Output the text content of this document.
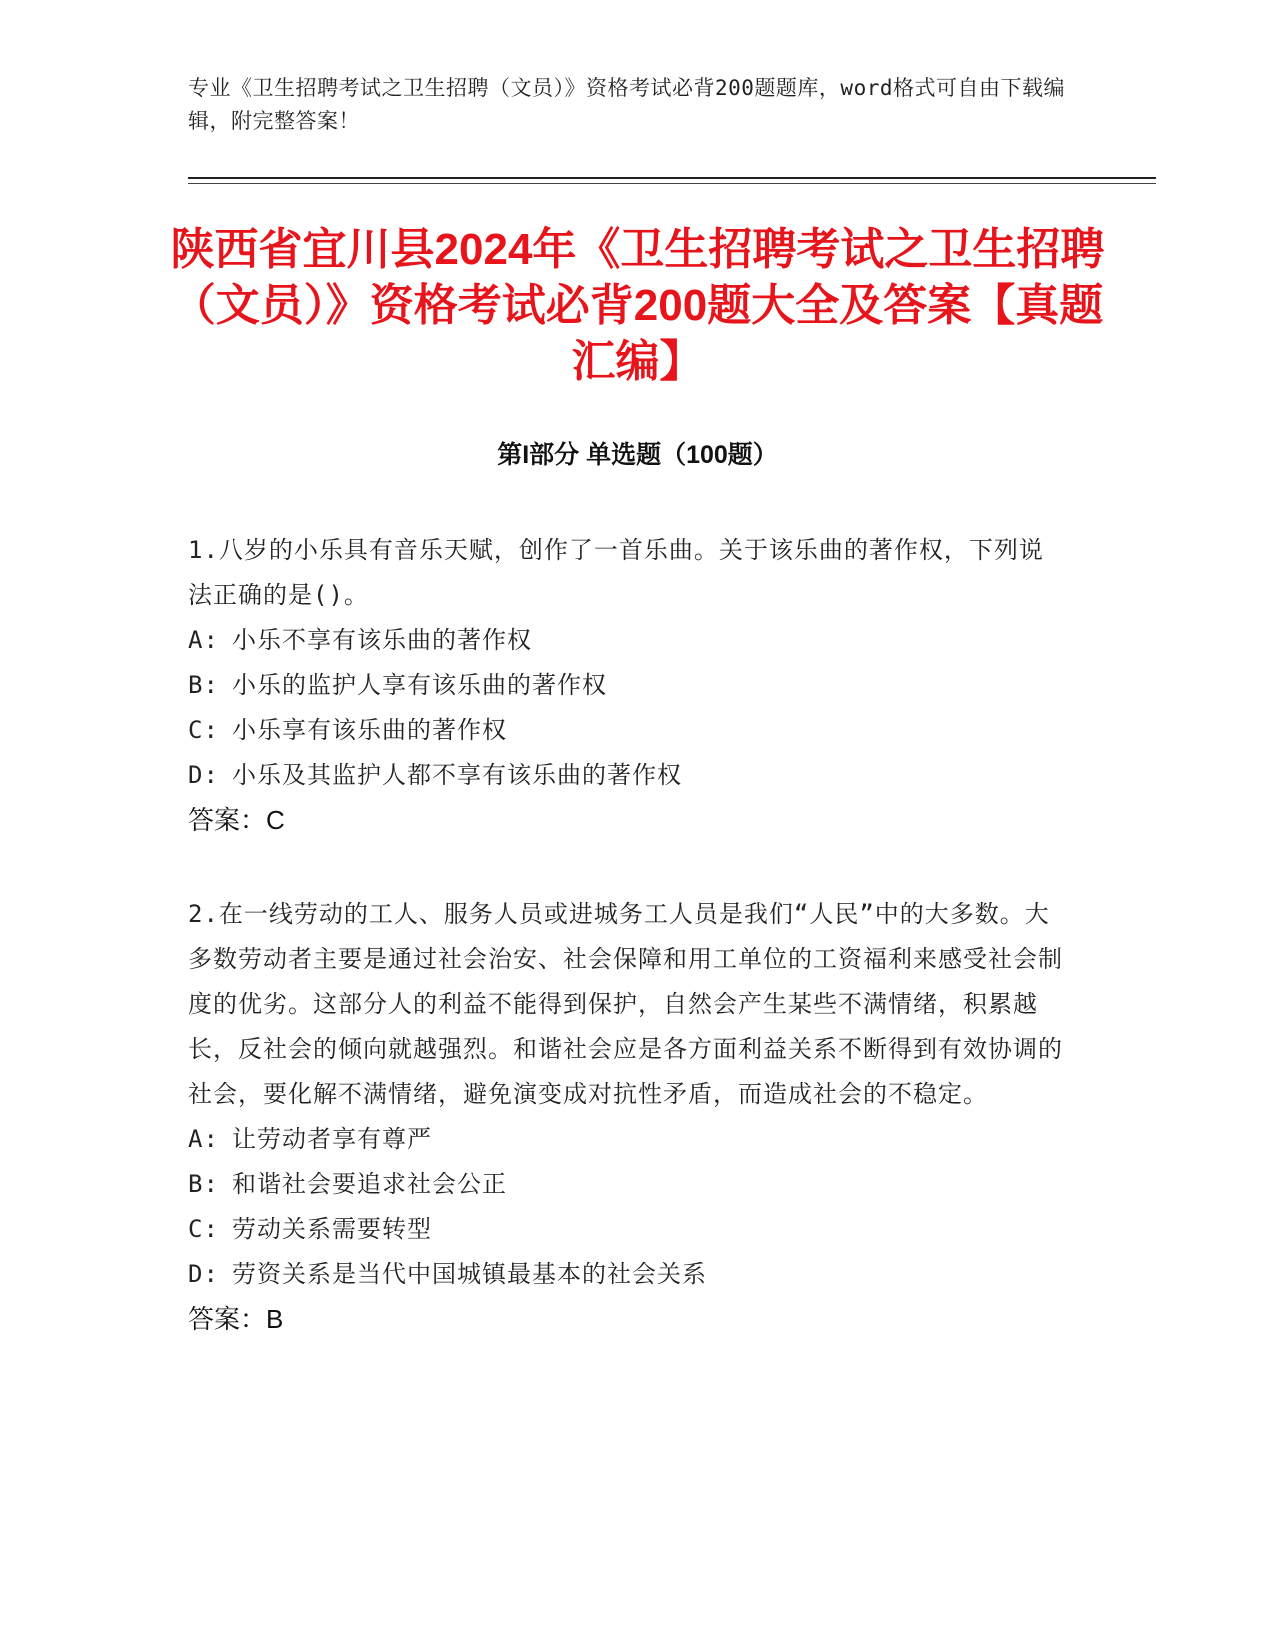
专业《卫生招聘考试之卫生招聘（文员）》资格考试必背200题题库，word格式可自由下载编辑，附完整答案！
陕西省宜川县2024年《卫生招聘考试之卫生招聘（文员）》资格考试必背200题大全及答案【真题汇编】
第I部分 单选题（100题）

1.八岁的小乐具有音乐天赋，创作了一首乐曲。关于该乐曲的著作权，下列说法正确的是()。

A: 小乐不享有该乐曲的著作权

B: 小乐的监护人享有该乐曲的著作权

C: 小乐享有该乐曲的著作权

D: 小乐及其监护人都不享有该乐曲的著作权

答案：C

2.在一线劳动的工人、服务人员或进城务工人员是我们“人民”中的大多数。大多数劳动者主要是通过社会治安、社会保障和用工单位的工资福利来感受社会制度的优劣。这部分人的利益不能得到保护，自然会产生某些不满情绪，积累越长，反社会的倾向就越强烈。和谐社会应是各方面利益关系不断得到有效协调的社会，要化解不满情绪，避免演变成对抗性矛盾，而造成社会的不稳定。

A: 让劳动者享有尊严

B: 和谐社会要追求社会公正

C: 劳动关系需要转型

D: 劳资关系是当代中国城镇最基本的社会关系

答案：B
